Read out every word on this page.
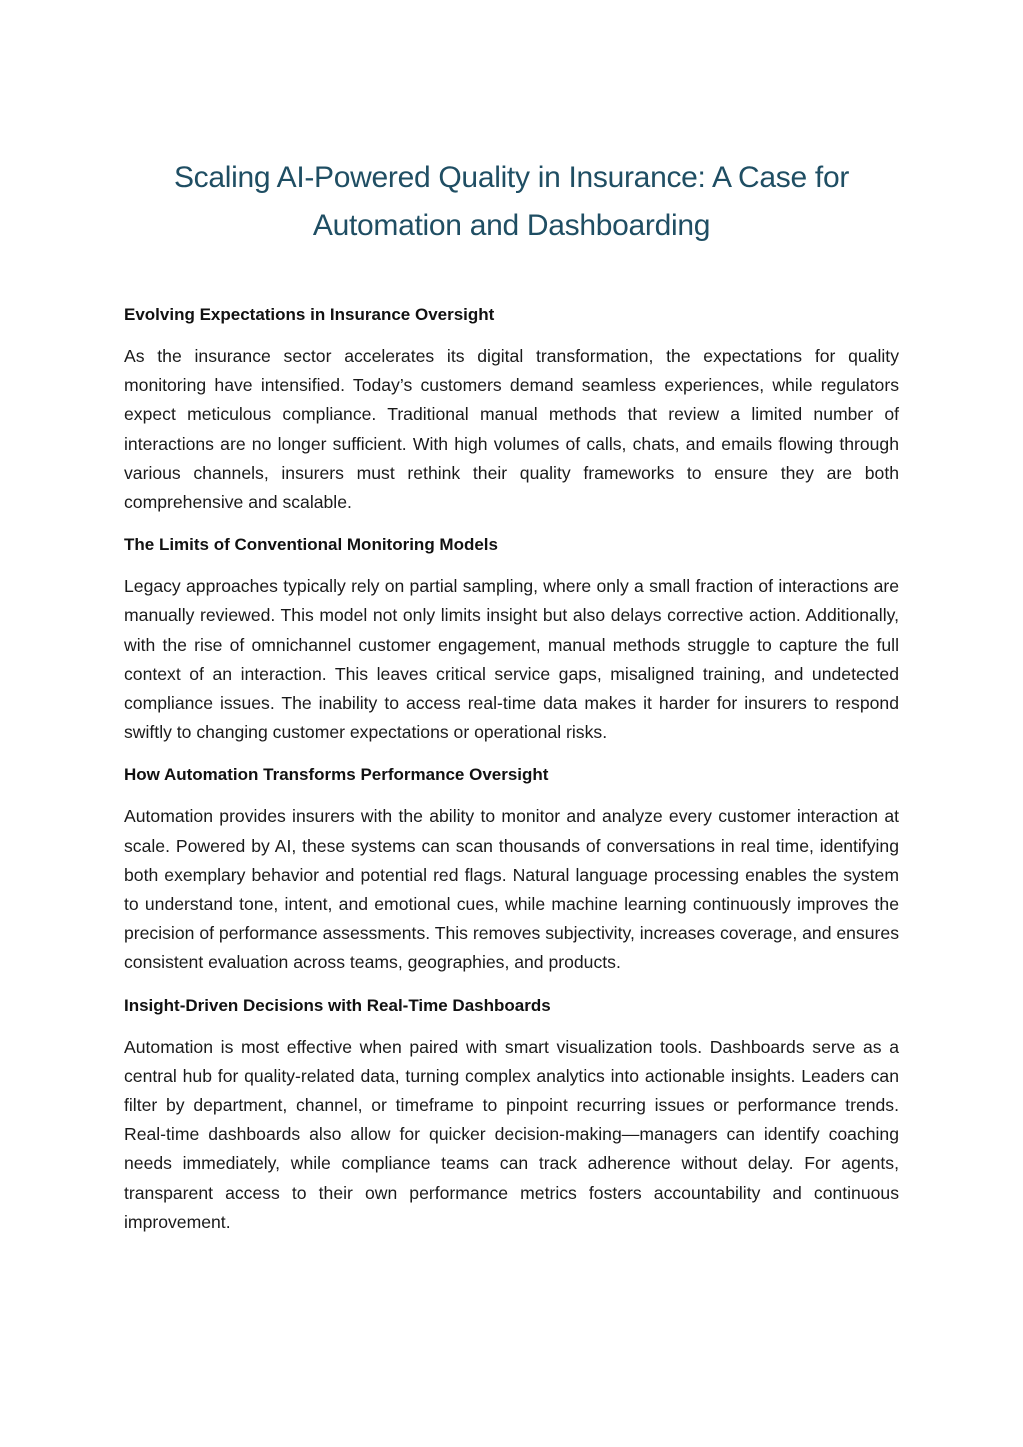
Scaling AI-Powered Quality in Insurance: A Case for Automation and Dashboarding
Evolving Expectations in Insurance Oversight

As the insurance sector accelerates its digital transformation, the expectations for quality monitoring have intensified. Today’s customers demand seamless experiences, while regulators expect meticulous compliance. Traditional manual methods that review a limited number of interactions are no longer sufficient. With high volumes of calls, chats, and emails flowing through various channels, insurers must rethink their quality frameworks to ensure they are both comprehensive and scalable.

The Limits of Conventional Monitoring Models

Legacy approaches typically rely on partial sampling, where only a small fraction of interactions are manually reviewed. This model not only limits insight but also delays corrective action. Additionally, with the rise of omnichannel customer engagement, manual methods struggle to capture the full context of an interaction. This leaves critical service gaps, misaligned training, and undetected compliance issues. The inability to access real-time data makes it harder for insurers to respond swiftly to changing customer expectations or operational risks.

How Automation Transforms Performance Oversight

Automation provides insurers with the ability to monitor and analyze every customer interaction at scale. Powered by AI, these systems can scan thousands of conversations in real time, identifying both exemplary behavior and potential red flags. Natural language processing enables the system to understand tone, intent, and emotional cues, while machine learning continuously improves the precision of performance assessments. This removes subjectivity, increases coverage, and ensures consistent evaluation across teams, geographies, and products.

Insight-Driven Decisions with Real-Time Dashboards

Automation is most effective when paired with smart visualization tools. Dashboards serve as a central hub for quality-related data, turning complex analytics into actionable insights. Leaders can filter by department, channel, or timeframe to pinpoint recurring issues or performance trends. Real-time dashboards also allow for quicker decision-making—managers can identify coaching needs immediately, while compliance teams can track adherence without delay. For agents, transparent access to their own performance metrics fosters accountability and continuous improvement.
